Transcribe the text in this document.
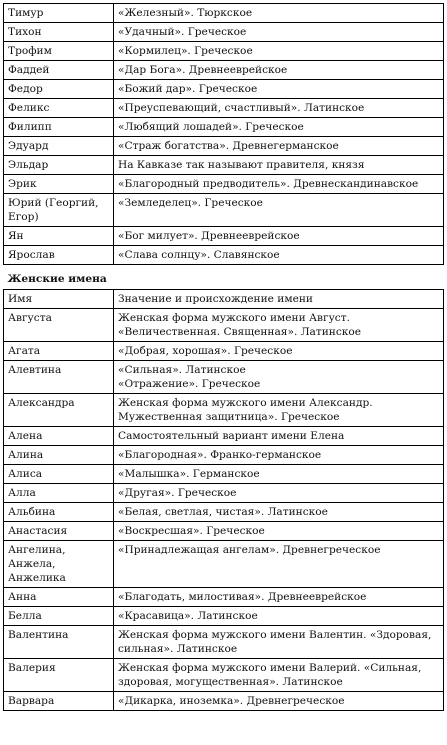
Тимур	«Железный». Тюркское
Тихон	«Удачный». Греческое
Трофим	«Кормилец». Греческое
Фаддей	«Дар Бога». Древнееврейское
Федор	«Божий дар». Греческое
Феликс	«Преуспевающий, счастливый». Латинское
Филипп	«Любящий лошадей». Греческое
Эдуард	«Страж богатства». Древнегерманское
Эльдар	На Кавказе так называют правителя, князя
Эрик	«Благородный предводитель». Древнескандинавское
Юрий (Георгий, Егор)	«Земледелец». Греческое
Ян	«Бог милует». Древнееврейское
Ярослав	«Слава солнцу». Славянское
Женские имена	
Имя	Значение и происхождение имени
Августа	Женская форма мужского имени Август. «Величественная. Священная». Латинское
Агата	«Добрая, хорошая». Греческое
Алевтина	«Сильная». Латинское
«Отражение». Греческое
Александра	Женская форма мужского имени Александр. Мужественная защитница». Греческое
Алена	Самостоятельный вариант имени Елена
Алина	«Благородная». Франко-германское
Алиса	«Малышка». Германское
Алла	«Другая». Греческое
Альбина	«Белая, светлая, чистая». Латинское
Анастасия	«Воскресшая». Греческое
Ангелина, Анжела, Анжелика	«Принадлежащая ангелам». Древнегреческое
Анна	«Благодать, милостивая». Древнееврейское
Белла	«Красавица». Латинское
Валентина	Женская форма мужского имени Валентин. «Здоровая, сильная». Латинское
Валерия	Женская форма мужского имени Валерий. «Сильная, здоровая, могущественная». Латинское
Варвара	«Дикарка, иноземка». Древнегреческое
